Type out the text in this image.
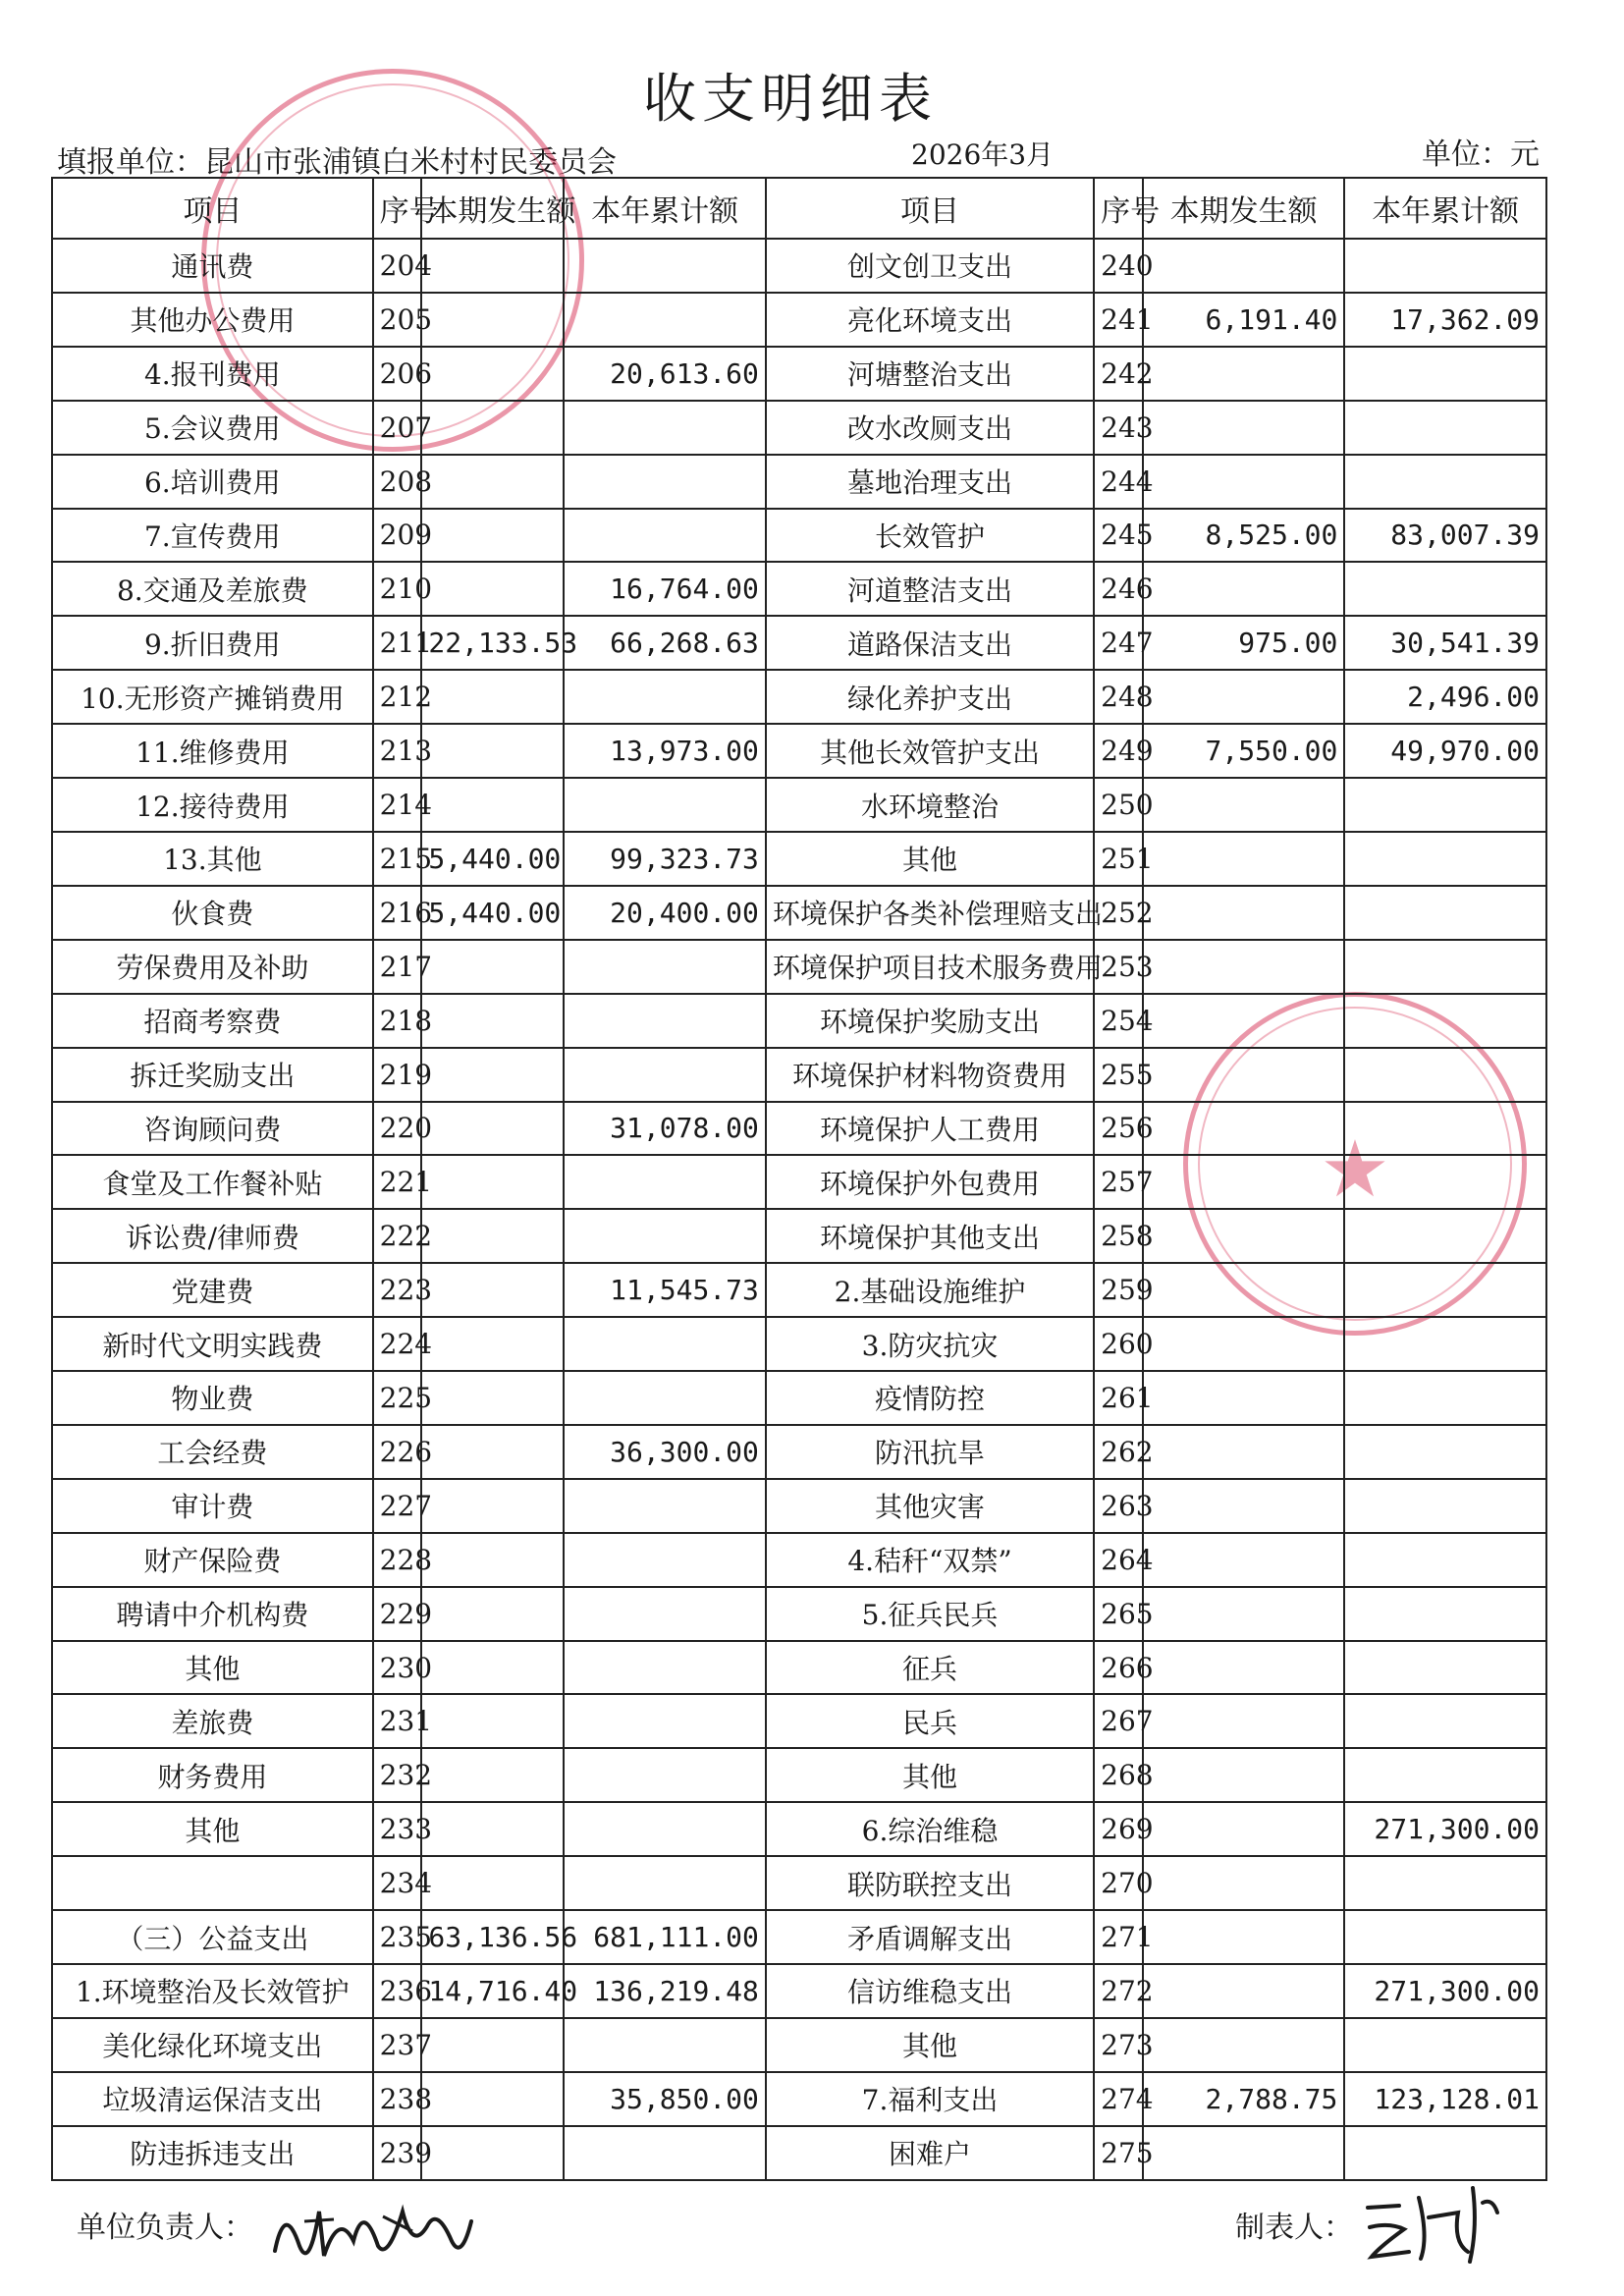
收支明细表
填报单位：昆山市张浦镇白米村村民委员会	2026年3月	单位：元
★
项目	序号	本期发生额	本年累计额	项目	序号	本期发生额	本年累计额
通讯费	204			创文创卫支出	240		
其他办公费用	205			亮化环境支出	241	6,191.40	17,362.09
4.报刊费用	206		20,613.60	河塘整治支出	242		
5.会议费用	207			改水改厕支出	243		
6.培训费用	208			墓地治理支出	244		
7.宣传费用	209			长效管护	245	8,525.00	83,007.39
8.交通及差旅费	210		16,764.00	河道整洁支出	246		
9.折旧费用	211	22,133.53	66,268.63	道路保洁支出	247	975.00	30,541.39
10.无形资产摊销费用	212			绿化养护支出	248		2,496.00
11.维修费用	213		13,973.00	其他长效管护支出	249	7,550.00	49,970.00
12.接待费用	214			水环境整治	250		
13.其他	215	5,440.00	99,323.73	其他	251		
伙食费	216	5,440.00	20,400.00	环境保护各类补偿理赔支出	252		
劳保费用及补助	217			环境保护项目技术服务费用	253		
招商考察费	218			环境保护奖励支出	254		
拆迁奖励支出	219			环境保护材料物资费用	255		
咨询顾问费	220		31,078.00	环境保护人工费用	256		
食堂及工作餐补贴	221			环境保护外包费用	257		
诉讼费/律师费	222			环境保护其他支出	258		
党建费	223		11,545.73	2.基础设施维护	259		
新时代文明实践费	224			3.防灾抗灾	260		
物业费	225			疫情防控	261		
工会经费	226		36,300.00	防汛抗旱	262		
审计费	227			其他灾害	263		
财产保险费	228			4.秸秆“双禁”	264		
聘请中介机构费	229			5.征兵民兵	265		
其他	230			征兵	266		
差旅费	231			民兵	267		
财务费用	232			其他	268		
其他	233			6.综治维稳	269		271,300.00
	234			联防联控支出	270		
（三）公益支出	235	63,136.56	681,111.00	矛盾调解支出	271		
1.环境整治及长效管护	236	14,716.40	136,219.48	信访维稳支出	272		271,300.00
美化绿化环境支出	237			其他	273		
垃圾清运保洁支出	238		35,850.00	7.福利支出	274	2,788.75	123,128.01
防违拆违支出	239			困难户	275		
单位负责人：	制表人：
